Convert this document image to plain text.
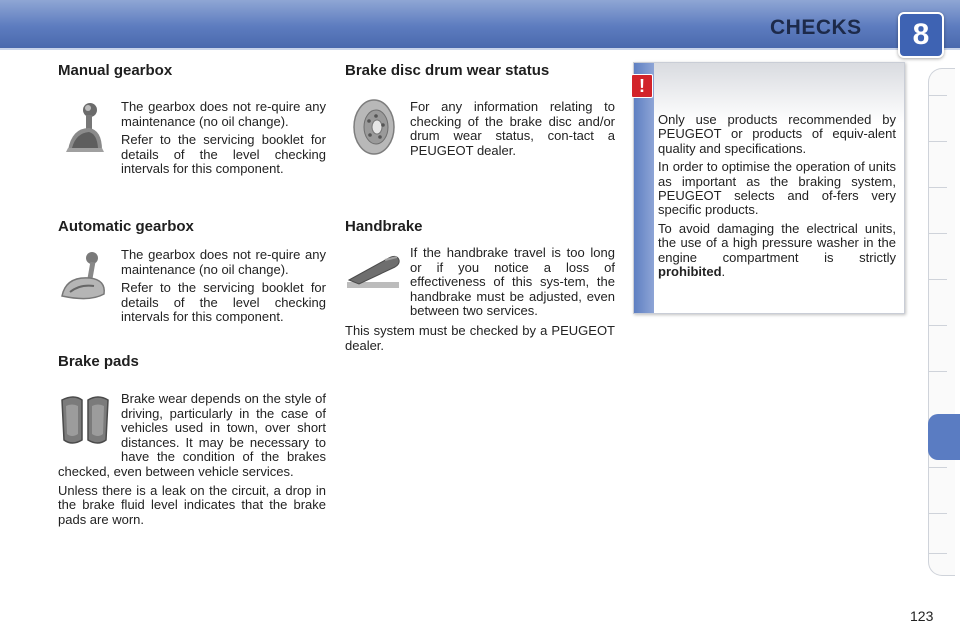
CHECKS	8
Manual gearbox

The gearbox does not re-quire any maintenance (no oil change).

Refer to the servicing booklet for details of the level checking intervals for this component.

Automatic gearbox

The gearbox does not re-quire any maintenance (no oil change).

Refer to the servicing booklet for details of the level checking intervals for this component.

Brake pads

Brake wear depends on the style of driving, particularly in the case of vehicles used in town, over short distances. It may be necessary to have the condition of the brakes checked, even between vehicle services.

Unless there is a leak on the circuit, a drop in the brake fluid level indicates that the brake pads are worn.

Brake disc drum wear status

For any information relating to checking of the brake disc and/or drum wear status, con-tact a PEUGEOT dealer.

Handbrake

If the handbrake travel is too long or if you notice a loss of effectiveness of this sys-tem, the handbrake must be adjusted, even between two services.

This system must be checked by a PEUGEOT dealer.

!

Only use products recommended by PEUGEOT or products of equiv-alent quality and specifications.

In order to optimise the operation of units as important as the braking system, PEUGEOT selects and of-fers very specific products.

To avoid damaging the electrical units, the use of a high pressure washer in the engine compartment is strictly prohibited.

123
